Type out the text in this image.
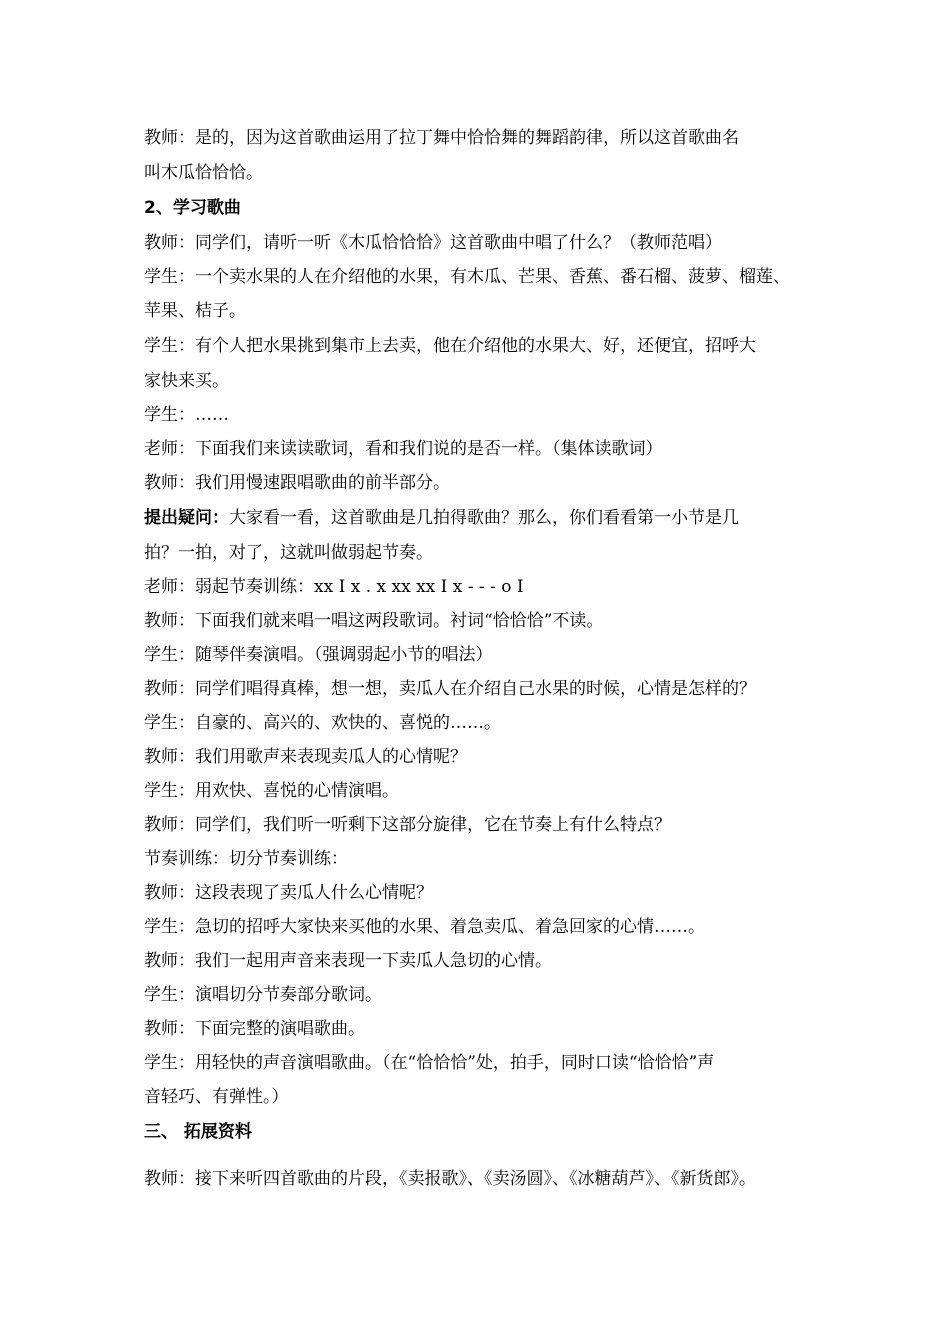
教师：是的，因为这首歌曲运用了拉丁舞中恰恰舞的舞蹈韵律，所以这首歌曲名
叫木瓜恰恰恰。
2、学习歌曲
教师：同学们，请听一听《木瓜恰恰恰》这首歌曲中唱了什么？（教师范唱）
学生：一个卖水果的人在介绍他的水果，有木瓜、芒果、香蕉、番石榴、菠萝、榴莲、
苹果、桔子。
学生：有个人把水果挑到集市上去卖，他在介绍他的水果大、好，还便宜，招呼大
家快来买。
学生：……
老师：下面我们来读读歌词，看和我们说的是否一样。（集体读歌词）
教师：我们用慢速跟唱歌曲的前半部分。
提出疑问：大家看一看，这首歌曲是几拍得歌曲？那么，你们看看第一小节是几
拍？一拍，对了，这就叫做弱起节奏。
老师：弱起节奏训练：xx I x . x xx xx I x - - - o I
教师：下面我们就来唱一唱这两段歌词。衬词“恰恰恰”不读。
学生：随琴伴奏演唱。（强调弱起小节的唱法）
教师：同学们唱得真棒，想一想，卖瓜人在介绍自己水果的时候，心情是怎样的？
学生：自豪的、高兴的、欢快的、喜悦的……。
教师：我们用歌声来表现卖瓜人的心情呢？
学生：用欢快、喜悦的心情演唱。
教师：同学们，我们听一听剩下这部分旋律，它在节奏上有什么特点？
节奏训练：切分节奏训练：
教师：这段表现了卖瓜人什么心情呢？
学生：急切的招呼大家快来买他的水果、着急卖瓜、着急回家的心情……。
教师：我们一起用声音来表现一下卖瓜人急切的心情。
学生：演唱切分节奏部分歌词。
教师：下面完整的演唱歌曲。
学生：用轻快的声音演唱歌曲。（在“恰恰恰”处，拍手，同时口读“恰恰恰”声
音轻巧、有弹性。）
三、 拓展资料
教师：接下来听四首歌曲的片段，《卖报歌》、《卖汤圆》、《冰糖葫芦》、《新货郎》。
